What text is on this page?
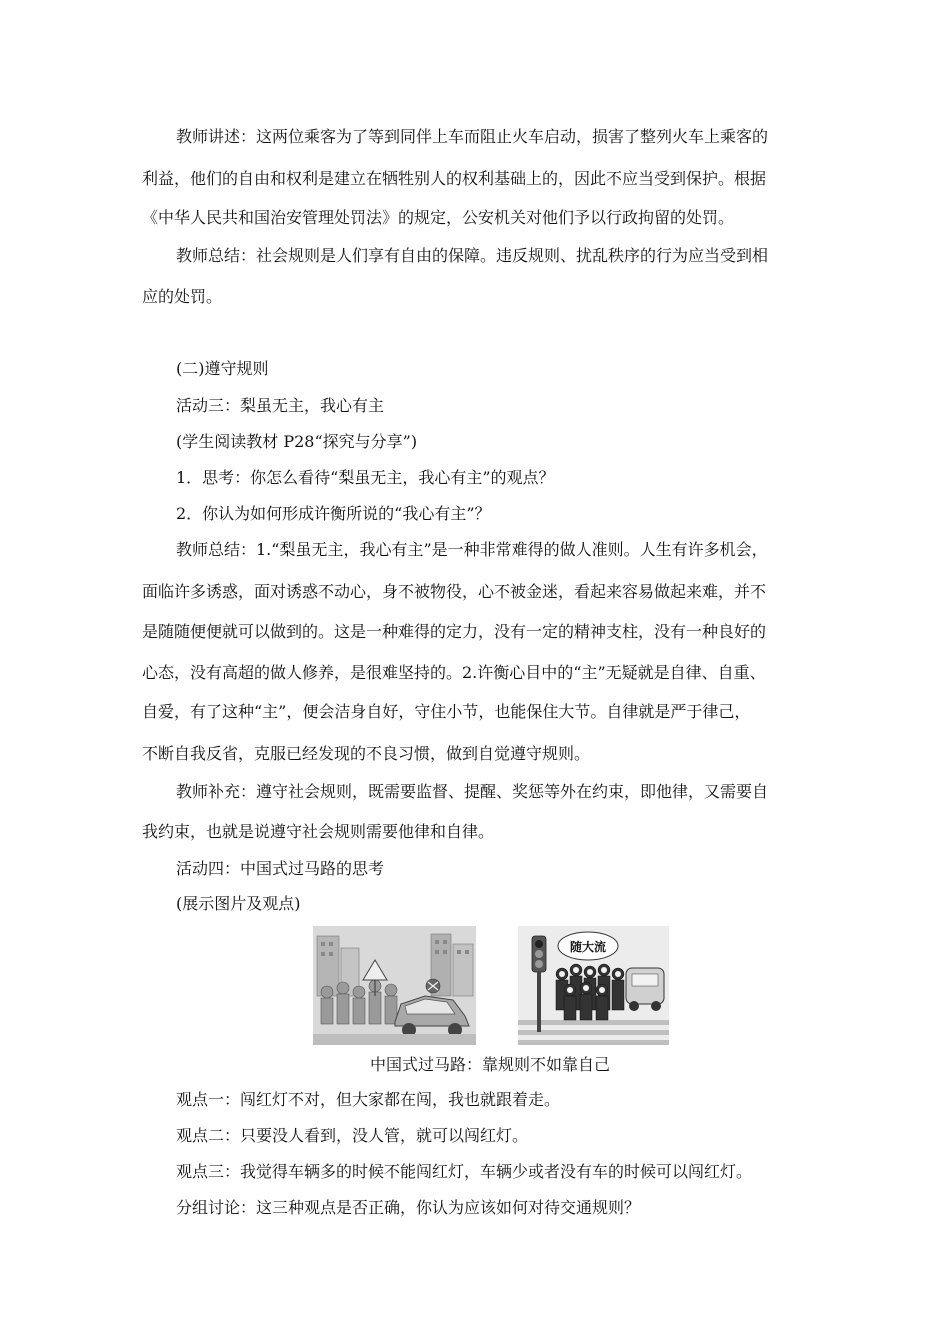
教师讲述：这两位乘客为了等到同伴上车而阻止火车启动，损害了整列火车上乘客的
利益，他们的自由和权利是建立在牺牲别人的权利基础上的，因此不应当受到保护。根据
《中华人民共和国治安管理处罚法》的规定，公安机关对他们予以行政拘留的处罚。
教师总结：社会规则是人们享有自由的保障。违反规则、扰乱秩序的行为应当受到相
应的处罚。
(二)遵守规则
活动三：梨虽无主，我心有主
(学生阅读教材 P28“探究与分享”)
1．思考：你怎么看待“梨虽无主，我心有主”的观点？
2．你认为如何形成许衡所说的“我心有主”？
教师总结：1.“梨虽无主，我心有主”是一种非常难得的做人准则。人生有许多机会，
面临许多诱惑，面对诱惑不动心，身不被物役，心不被金迷，看起来容易做起来难，并不
是随随便便就可以做到的。这是一种难得的定力，没有一定的精神支柱，没有一种良好的
心态，没有高超的做人修养，是很难坚持的。2.许衡心目中的“主”无疑就是自律、自重、
自爱，有了这种“主”，便会洁身自好，守住小节，也能保住大节。自律就是严于律己，
不断自我反省，克服已经发现的不良习惯，做到自觉遵守规则。
教师补充：遵守社会规则，既需要监督、提醒、奖惩等外在约束，即他律，又需要自
我约束，也就是说遵守社会规则需要他律和自律。
活动四：中国式过马路的思考
(展示图片及观点)
随大流
中国式过马路：靠规则不如靠自己
观点一：闯红灯不对，但大家都在闯，我也就跟着走。
观点二：只要没人看到，没人管，就可以闯红灯。
观点三：我觉得车辆多的时候不能闯红灯，车辆少或者没有车的时候可以闯红灯。
分组讨论：这三种观点是否正确，你认为应该如何对待交通规则？
